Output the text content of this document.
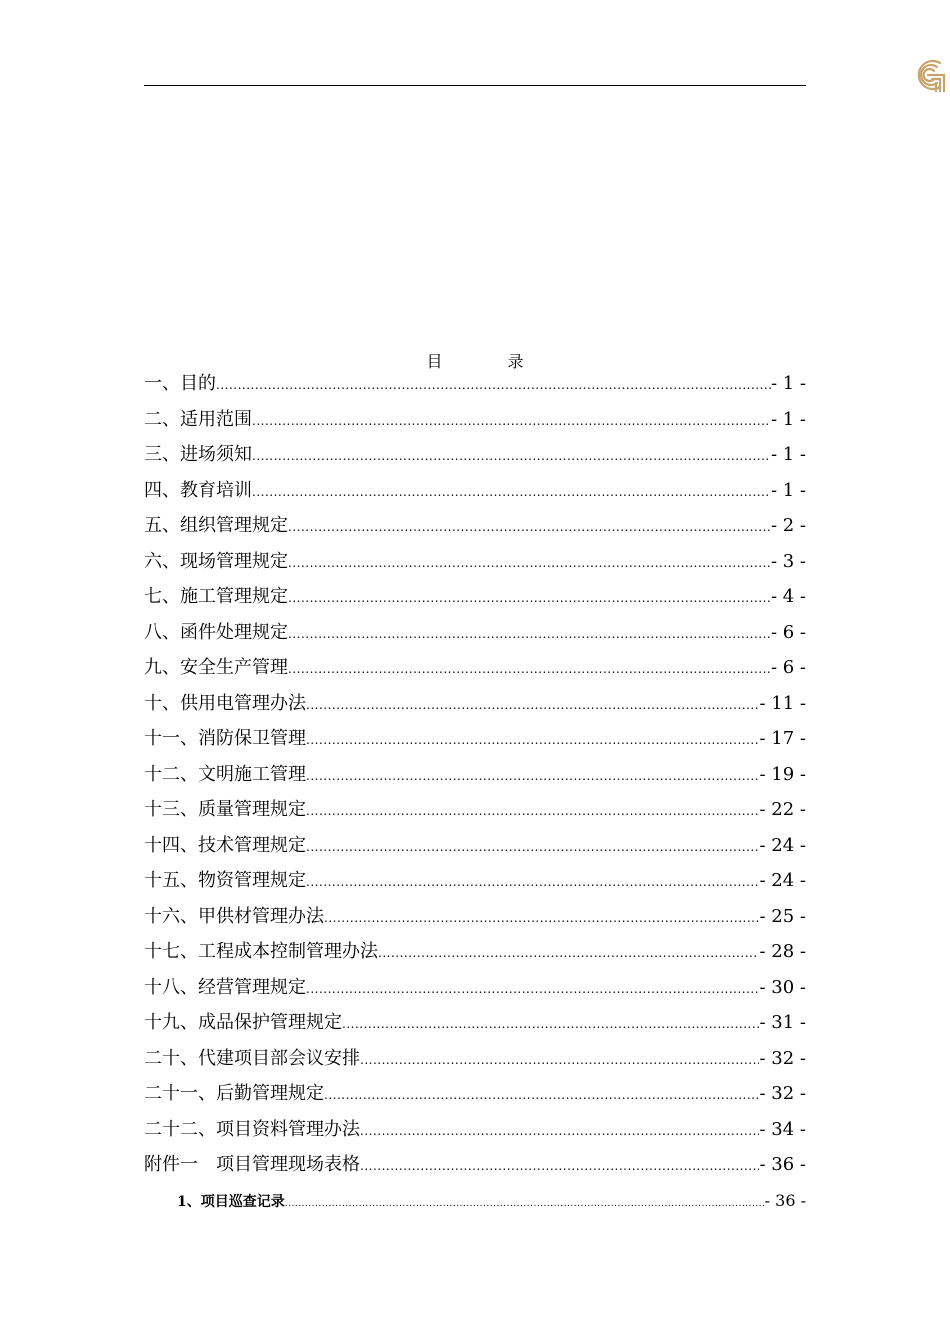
目 录
一、目的 .....	- 1 -
二、适用范围 .....	- 1 -
三、进场须知 .....	- 1 -
四、教育培训 .....	- 1 -
五、组织管理规定 .....	- 2 -
六、现场管理规定 .....	- 3 -
七、施工管理规定 .....	- 4 -
八、函件处理规定 .....	- 6 -
九、安全生产管理 .....	- 6 -
十、供用电管理办法 .....	- 11 -
十一、消防保卫管理 .....	- 17 -
十二、文明施工管理 .....	- 19 -
十三、质量管理规定 .....	- 22 -
十四、技术管理规定 .....	- 24 -
十五、物资管理规定 .....	- 24 -
十六、甲供材管理办法 .....	- 25 -
十七、工程成本控制管理办法 .....	- 28 -
十八、经营管理规定 .....	- 30 -
十九、成品保护管理规定 .....	- 31 -
二十、代建项目部会议安排 .....	- 32 -
二十一、后勤管理规定 .....	- 32 -
二十二、项目资料管理办法 .....	- 34 -
附件一　项目管理现场表格 .....	- 36 -
1、项目巡查记录 .....	- 36 -
